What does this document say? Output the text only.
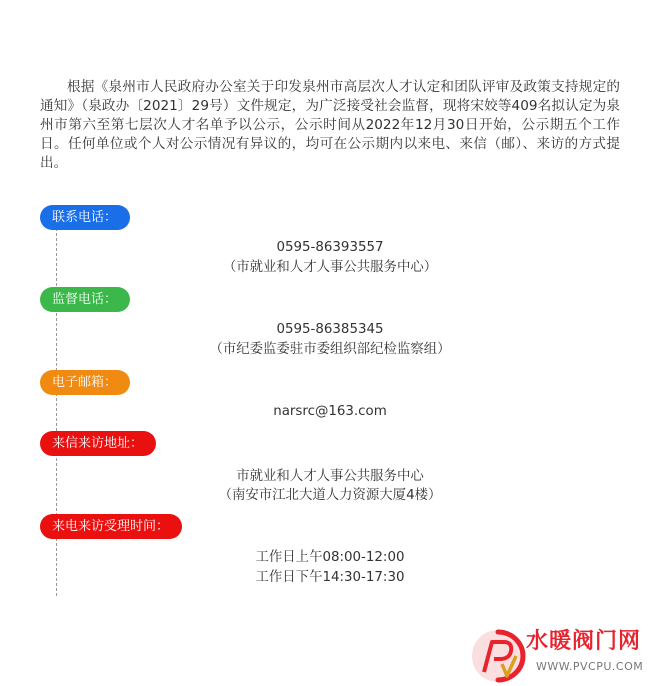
根据《泉州市人民政府办公室关于印发泉州市高层次人才认定和团队评审及政策支持规定的通知》（泉政办〔2021〕29号）文件规定，为广泛接受社会监督，现将宋姣等409名拟认定为泉州市第六至第七层次人才名单予以公示，公示时间从2022年12月30日开始，公示期五个工作日。任何单位或个人对公示情况有异议的，均可在公示期内以来电、来信（邮）、来访的方式提出。

联系电话：
0595-86393557
（市就业和人才人事公共服务中心）
监督电话：
0595-86385345
（市纪委监委驻市委组织部纪检监察组）
电子邮箱：
narsrc@163.com
来信来访地址：
市就业和人才人事公共服务中心
（南安市江北大道人力资源大厦4楼）
来电来访受理时间：
工作日上午08:00-12:00
工作日下午14:30-17:30
水暖阀门网
WWW.PVCPU.COM
